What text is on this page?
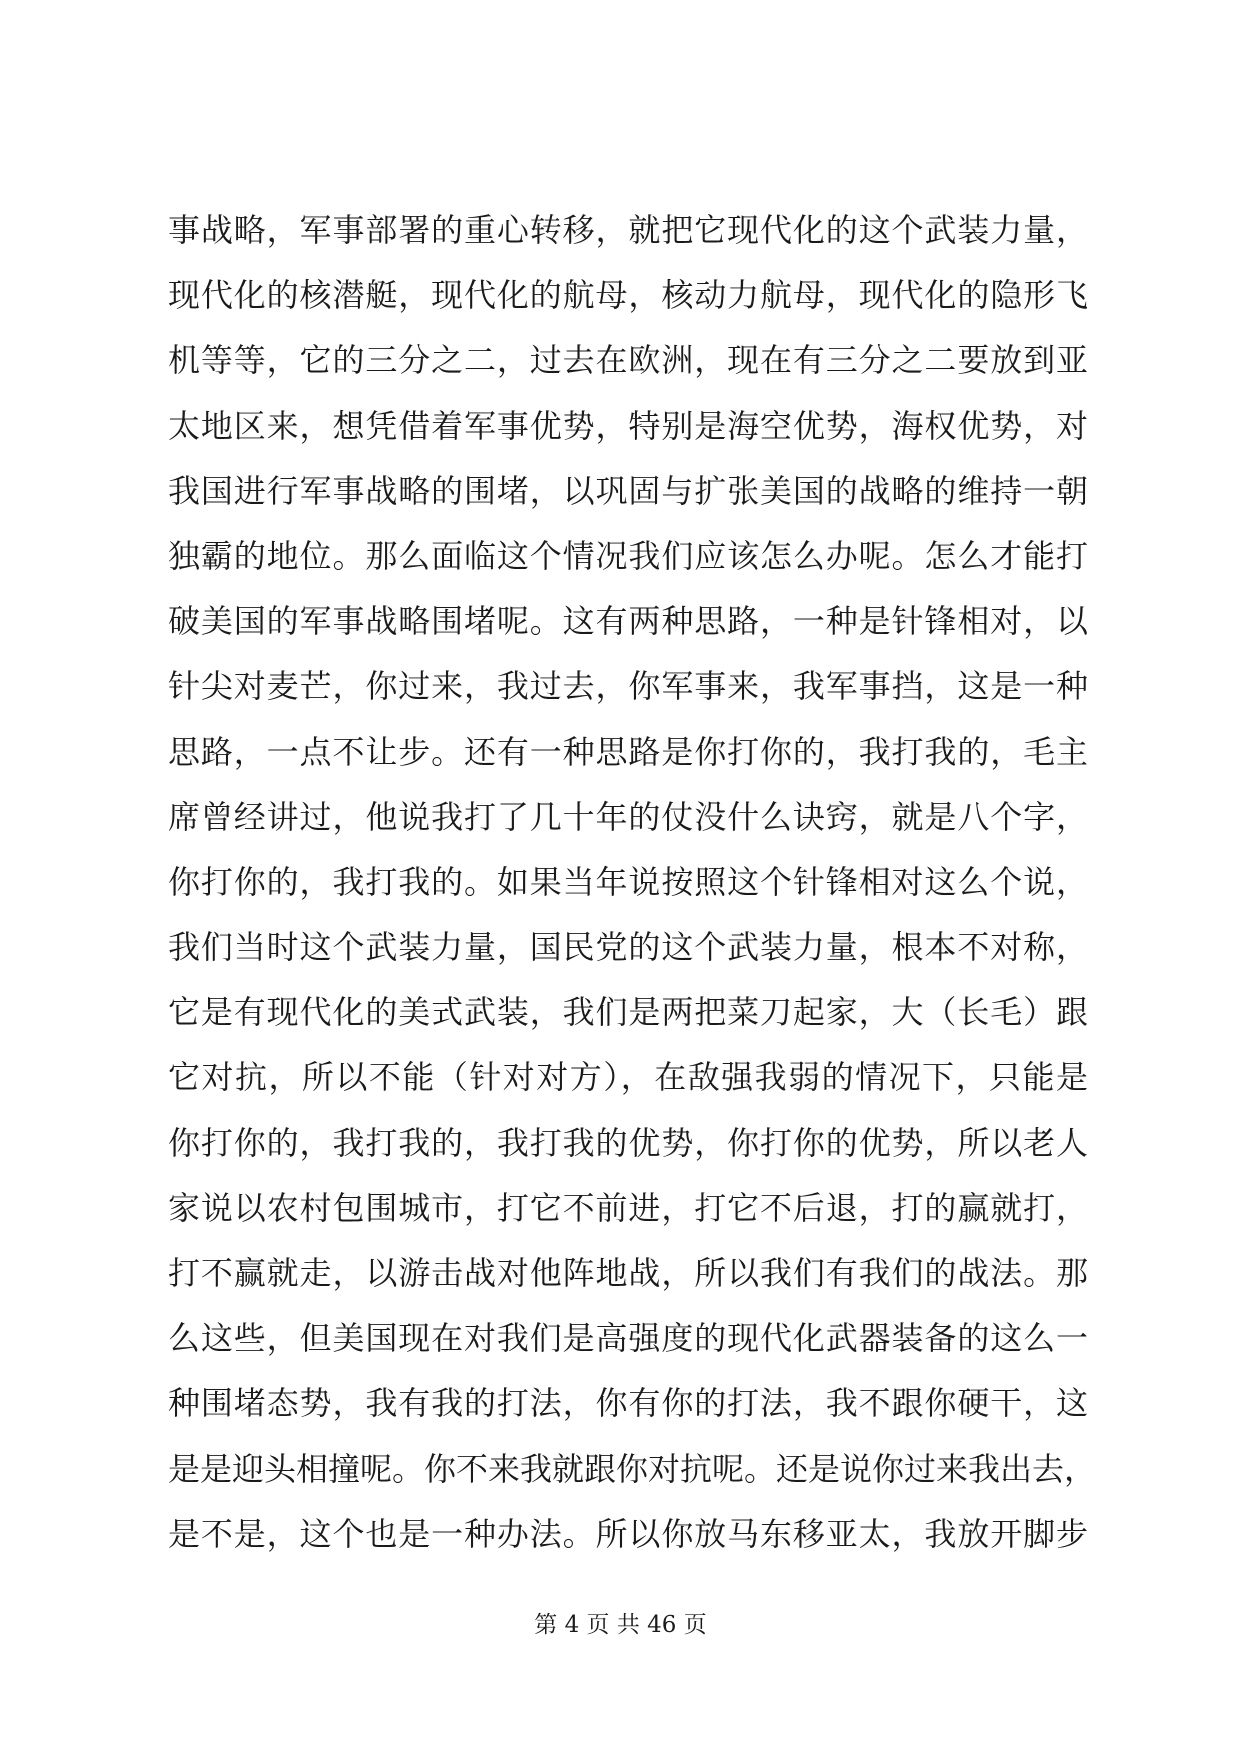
事战略，军事部署的重心转移，就把它现代化的这个武装力量，
现代化的核潜艇，现代化的航母，核动力航母，现代化的隐形飞
机等等，它的三分之二，过去在欧洲，现在有三分之二要放到亚
太地区来，想凭借着军事优势，特别是海空优势，海权优势，对
我国进行军事战略的围堵，以巩固与扩张美国的战略的维持一朝
独霸的地位。那么面临这个情况我们应该怎么办呢。怎么才能打
破美国的军事战略围堵呢。这有两种思路，一种是针锋相对，以
针尖对麦芒，你过来，我过去，你军事来，我军事挡，这是一种
思路，一点不让步。还有一种思路是你打你的，我打我的，毛主
席曾经讲过，他说我打了几十年的仗没什么诀窍，就是八个字，
你打你的，我打我的。如果当年说按照这个针锋相对这么个说，
我们当时这个武装力量，国民党的这个武装力量，根本不对称，
它是有现代化的美式武装，我们是两把菜刀起家，大（长毛）跟
它对抗，所以不能（针对对方），在敌强我弱的情况下，只能是
你打你的，我打我的，我打我的优势，你打你的优势，所以老人
家说以农村包围城市，打它不前进，打它不后退，打的赢就打，
打不赢就走，以游击战对他阵地战，所以我们有我们的战法。那
么这些，但美国现在对我们是高强度的现代化武器装备的这么一
种围堵态势，我有我的打法，你有你的打法，我不跟你硬干，这
是是迎头相撞呢。你不来我就跟你对抗呢。还是说你过来我出去，
是不是，这个也是一种办法。所以你放马东移亚太，我放开脚步
第 4 页 共 46 页
